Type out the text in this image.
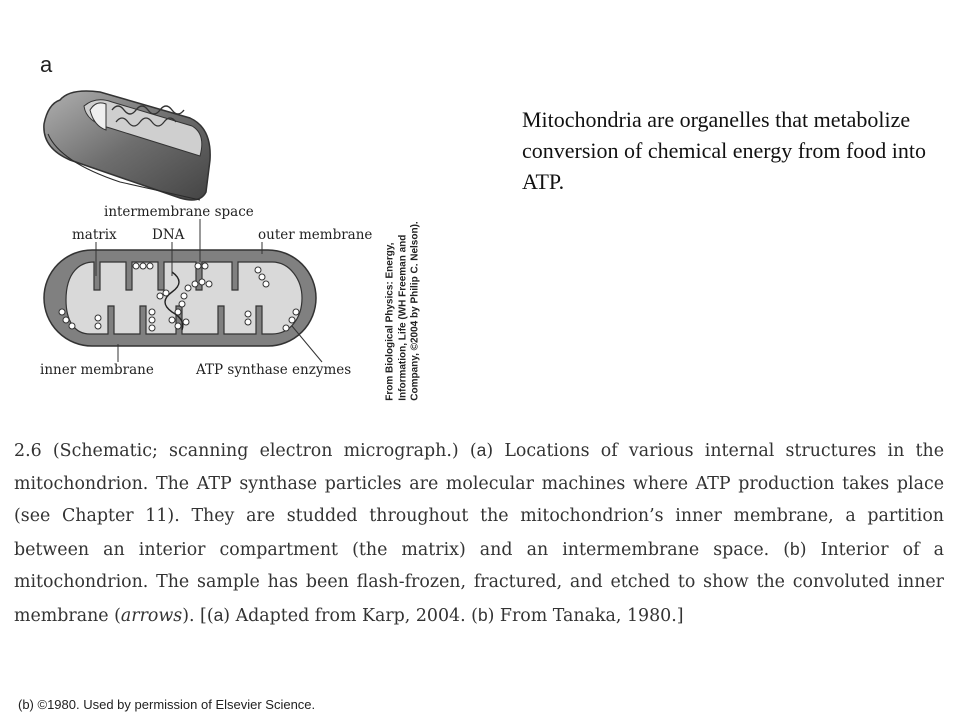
a
intermembrane space
matrix	DNA	outer membrane
inner membrane	ATP synthase enzymes
From Biological Physics: Energy,
Information, Life (WH Freeman and
Company, ©2004 by Philip C. Nelson).
Mitochondria are organelles that metabolize conversion of chemical energy from food into ATP.
2.6 (Schematic; scanning electron micrograph.) (a) Locations of various internal structures in the mitochondrion. The ATP synthase particles are molecular machines where ATP production takes place (see Chapter 11). They are studded throughout the mitochondrion’s inner membrane, a partition between an interior compartment (the matrix) and an intermembrane space. (b) Interior of a mitochondrion. The sample has been flash-frozen, fractured, and etched to show the convoluted inner membrane (arrows). [(a) Adapted from Karp, 2004. (b) From Tanaka, 1980.]
(b) ©1980. Used by permission of Elsevier Science.
